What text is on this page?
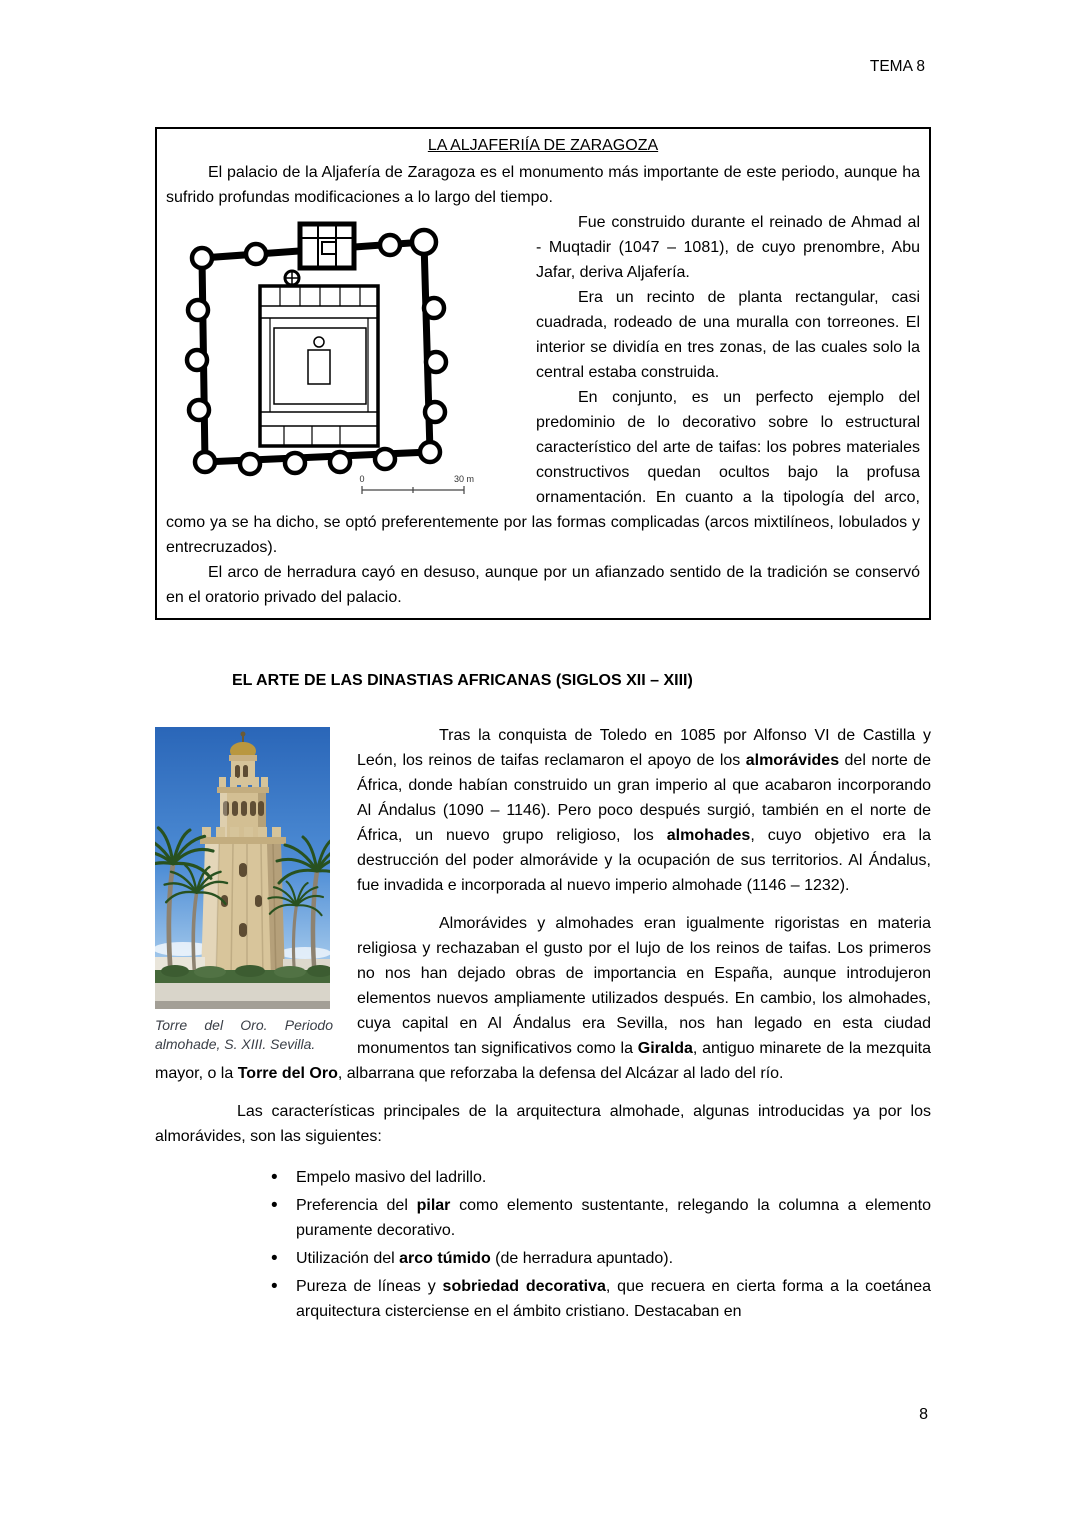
TEMA 8
LA ALJAFERIÍA DE ZARAGOZA

El palacio de la Aljafería de Zaragoza es el monumento más importante de este periodo, aunque ha sufrido profundas modificaciones a lo largo del tiempo.

0	30 m

Fue construido durante el reinado de Ahmad al - Muqtadir (1047 – 1081), de cuyo prenombre, Abu Jafar, deriva Aljafería.

Era un recinto de planta rectangular, casi cuadrada, rodeado de una muralla con torreones. El interior se dividía en tres zonas, de las cuales solo la central estaba construida.

En conjunto, es un perfecto ejemplo del predominio de lo decorativo sobre lo estructural característico del arte de taifas: los pobres materiales constructivos quedan ocultos bajo la profusa ornamentación. En cuanto a la tipología del arco, como ya se ha dicho, se optó preferentemente por las formas complicadas (arcos mixtilíneos, lobulados y entrecruzados).

El arco de herradura cayó en desuso, aunque por un afianzado sentido de la tradición se conservó en el oratorio privado del palacio.

EL ARTE DE LAS DINASTIAS AFRICANAS (SIGLOS XII – XIII)
Torre del Oro. Periodo almohade, S. XIII. Sevilla.

Tras la conquista de Toledo en 1085 por Alfonso VI de Castilla y León, los reinos de taifas reclamaron el apoyo de los almorávides del norte de África, donde habían construido un gran imperio al que acabaron incorporando Al Ándalus (1090 – 1146). Pero poco después surgió, también en el norte de África, un nuevo grupo religioso, los almohades, cuyo objetivo era la destrucción del poder almorávide y la ocupación de sus territorios. Al Ándalus, fue invadida e incorporada al nuevo imperio almohade (1146 – 1232).

Almorávides y almohades eran igualmente rigoristas en materia religiosa y rechazaban el gusto por el lujo de los reinos de taifas. Los primeros no nos han dejado obras de importancia en España, aunque introdujeron elementos nuevos ampliamente utilizados después. En cambio, los almohades, cuya capital en Al Ándalus era Sevilla, nos han legado en esta ciudad monumentos tan significativos como la Giralda, antiguo minarete de la mezquita mayor, o la Torre del Oro, albarrana que reforzaba la defensa del Alcázar al lado del río.

Las características principales de la arquitectura almohade, algunas introducidas ya por los almorávides, son las siguientes:

• Empelo masivo del ladrillo.
• Preferencia del pilar como elemento sustentante, relegando la columna a elemento puramente decorativo.
• Utilización del arco túmido (de herradura apuntado).
• Pureza de líneas y sobriedad decorativa, que recuera en cierta forma a la coetánea arquitectura cisterciense en el ámbito cristiano. Destacaban en
8
